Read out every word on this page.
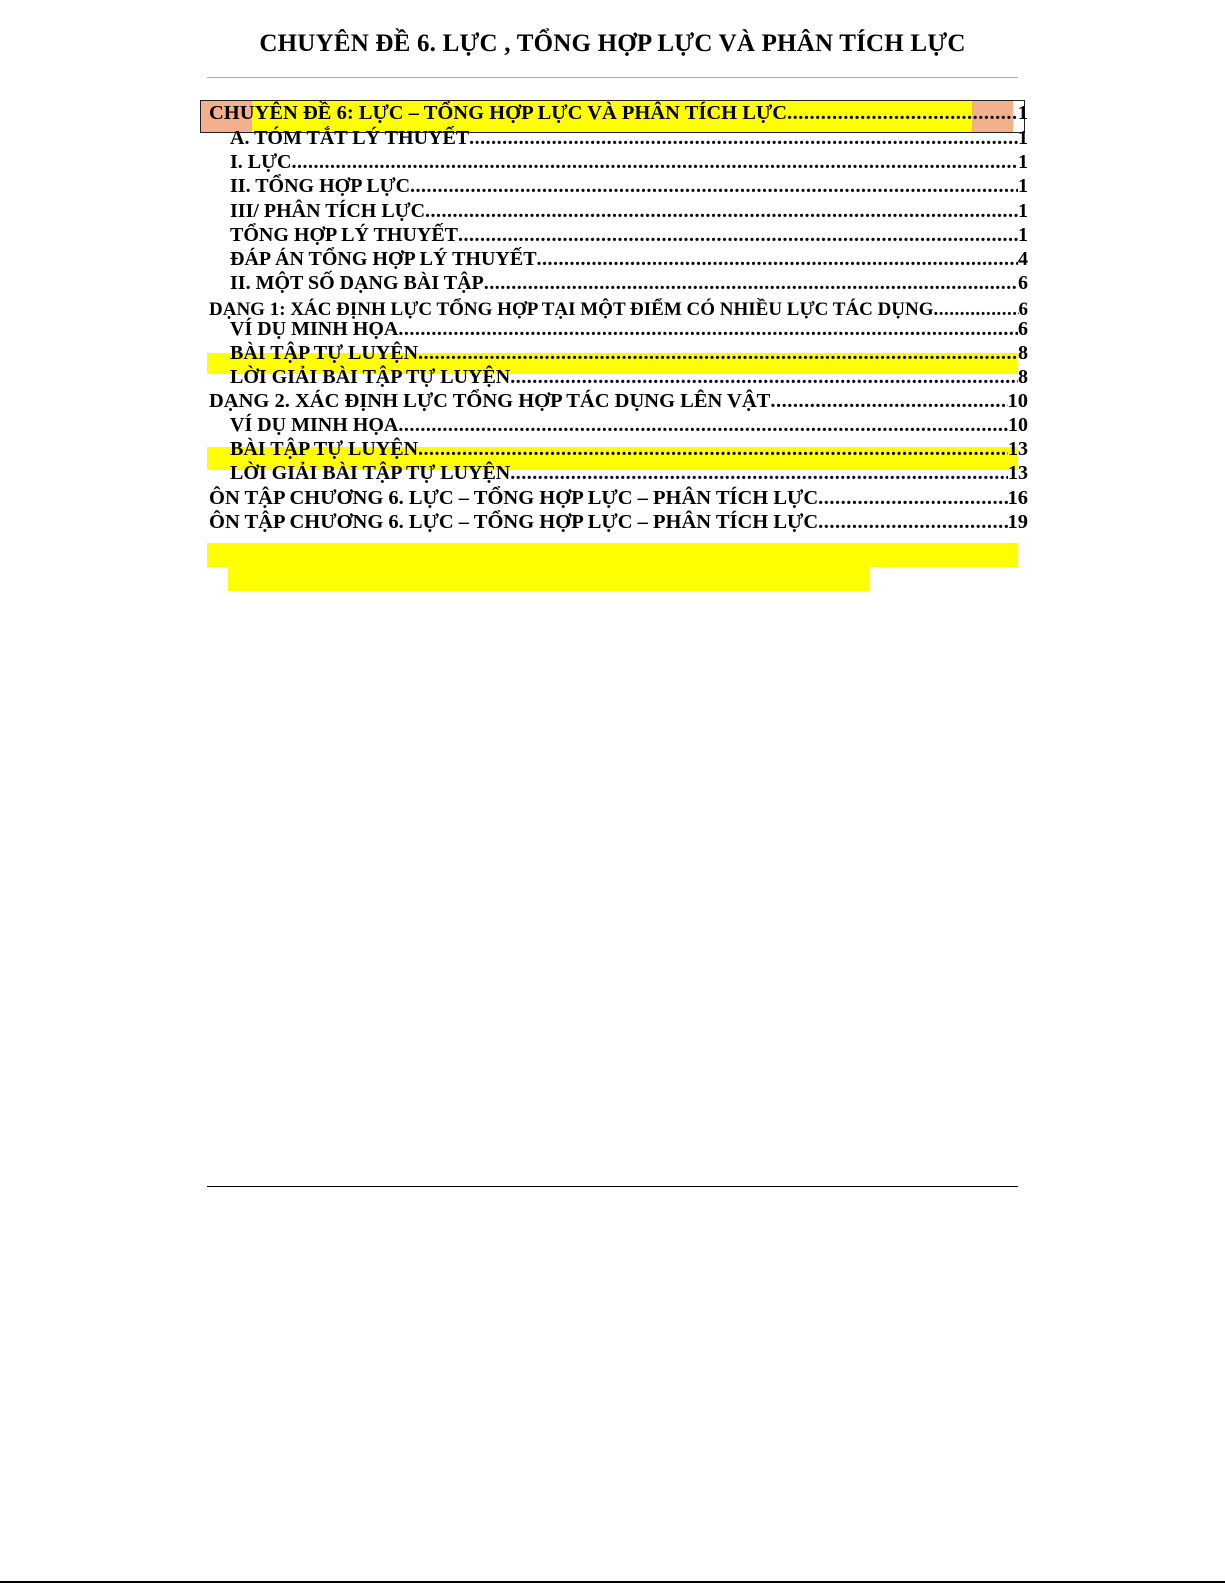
CHUYÊN ĐỀ 6. LỰC , TỔNG HỢP LỰC VÀ PHÂN TÍCH LỰC
CHUYÊN ĐỀ 6: LỰC – TỔNG HỢP LỰC VÀ PHÂN TÍCH LỰC .....	1
A. TÓM TẮT LÝ THUYẾT .....	1
I. LỰC .....	1
II. TỔNG HỢP LỰC .....	1
III/ PHÂN TÍCH LỰC .....	1
TỔNG HỢP LÝ THUYẾT .....	1
ĐÁP ÁN TỔNG HỢP LÝ THUYẾT .....	4
II. MỘT SỐ DẠNG BÀI TẬP .....	6
DẠNG 1: XÁC ĐỊNH LỰC TỔNG HỢP TẠI MỘT ĐIỂM CÓ NHIỀU LỰC TÁC DỤNG .....	6
VÍ DỤ MINH HỌA .....	6
BÀI TẬP TỰ LUYỆN .....	8
LỜI GIẢI BÀI TẬP TỰ LUYỆN .....	8
DẠNG 2. XÁC ĐỊNH LỰC TỔNG HỢP TÁC DỤNG LÊN VẬT .....	10
VÍ DỤ MINH HỌA .....	10
BÀI TẬP TỰ LUYỆN .....	13
LỜI GIẢI BÀI TẬP TỰ LUYỆN .....	13
ÔN TẬP CHƯƠNG 6. LỰC – TỔNG HỢP LỰC – PHÂN TÍCH LỰC .....	16
ÔN TẬP CHƯƠNG 6. LỰC – TỔNG HỢP LỰC – PHÂN TÍCH LỰC .....	19
